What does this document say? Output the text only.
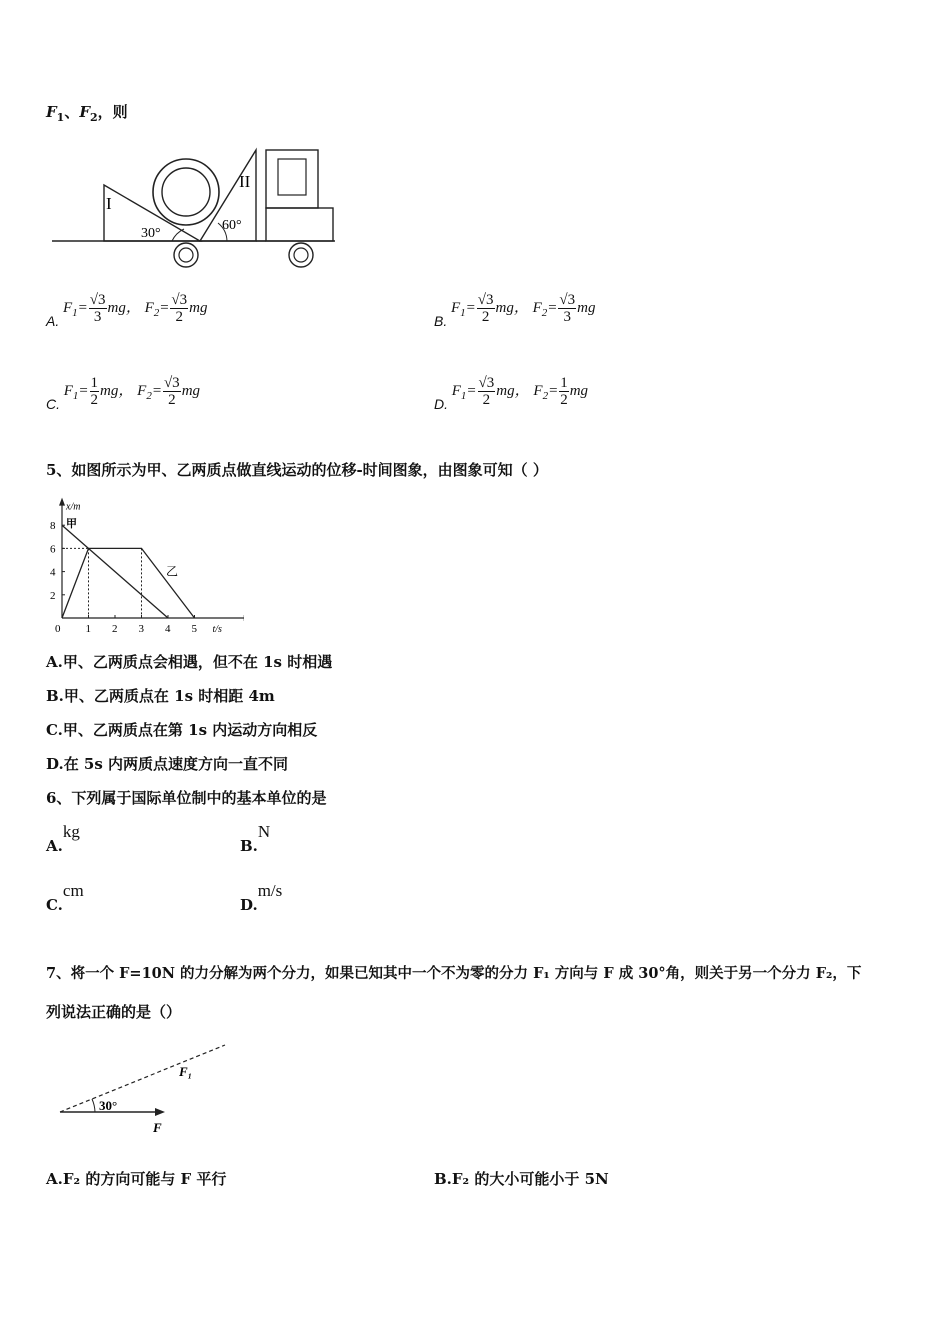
$F_1$、$F_2$，则
I
II
30°
60°
A. $F_1= \frac{√3}{3}$ mg， $F_2= \frac{√3}{2}$ mg
B. $F_1= \frac{√3}{2}$ mg， $F_2= \frac{√3}{3}$ mg
C. $F_1= \frac{1}{2}$ mg， $F_2= \frac{√3}{2}$ mg
D. $F_1= \frac{√3}{2}$ mg， $F_2= \frac{1}{2}$ mg
5、如图所示为甲、乙两质点做直线运动的位移-时间图象，由图象可知（ ）
x/m
t/s
0 1 2 3 4 5
2
4
6
8 甲
乙
A.甲、乙两质点会相遇，但不在 1s 时相遇
B.甲、乙两质点在 1s 时相距 4m
C.甲、乙两质点在第 1s 内运动方向相反
D.在 5s 内两质点速度方向一直不同
6、下列属于国际单位制中的基本单位的是
A.kg
B.N
C.cm
D.m/s
7、将一个 F=10N 的力分解为两个分力，如果已知其中一个不为零的分力 F₁ 方向与 F 成 30°角，则关于另一个分力 F₂，下
列说法正确的是（）
30°
F₁
F
A.F₂ 的方向可能与 F 平行	B.F₂ 的大小可能小于 5N
